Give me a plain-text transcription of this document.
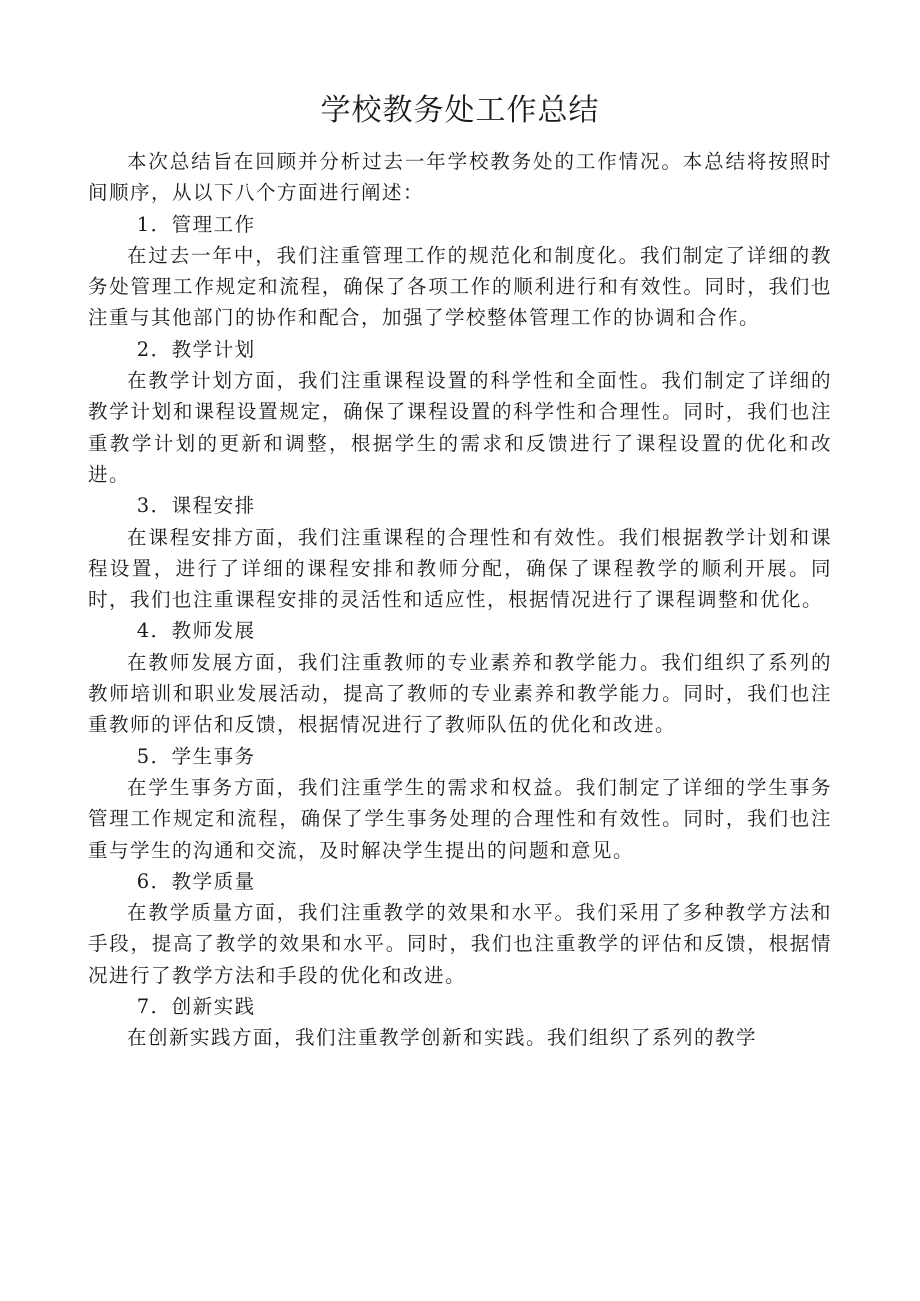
学校教务处工作总结

本次总结旨在回顾并分析过去一年学校教务处的工作情况。本总结将按照时间顺序，从以下八个方面进行阐述：

1．管理工作

在过去一年中，我们注重管理工作的规范化和制度化。我们制定了详细的教务处管理工作规定和流程，确保了各项工作的顺利进行和有效性。同时，我们也注重与其他部门的协作和配合，加强了学校整体管理工作的协调和合作。

2．教学计划

在教学计划方面，我们注重课程设置的科学性和全面性。我们制定了详细的教学计划和课程设置规定，确保了课程设置的科学性和合理性。同时，我们也注重教学计划的更新和调整，根据学生的需求和反馈进行了课程设置的优化和改进。

3．课程安排

在课程安排方面，我们注重课程的合理性和有效性。我们根据教学计划和课程设置，进行了详细的课程安排和教师分配，确保了课程教学的顺利开展。同时，我们也注重课程安排的灵活性和适应性，根据情况进行了课程调整和优化。

4．教师发展

在教师发展方面，我们注重教师的专业素养和教学能力。我们组织了系列的教师培训和职业发展活动，提高了教师的专业素养和教学能力。同时，我们也注重教师的评估和反馈，根据情况进行了教师队伍的优化和改进。

5．学生事务

在学生事务方面，我们注重学生的需求和权益。我们制定了详细的学生事务管理工作规定和流程，确保了学生事务处理的合理性和有效性。同时，我们也注重与学生的沟通和交流，及时解决学生提出的问题和意见。

6．教学质量

在教学质量方面，我们注重教学的效果和水平。我们采用了多种教学方法和手段，提高了教学的效果和水平。同时，我们也注重教学的评估和反馈，根据情况进行了教学方法和手段的优化和改进。

7．创新实践

在创新实践方面，我们注重教学创新和实践。我们组织了系列的教学
